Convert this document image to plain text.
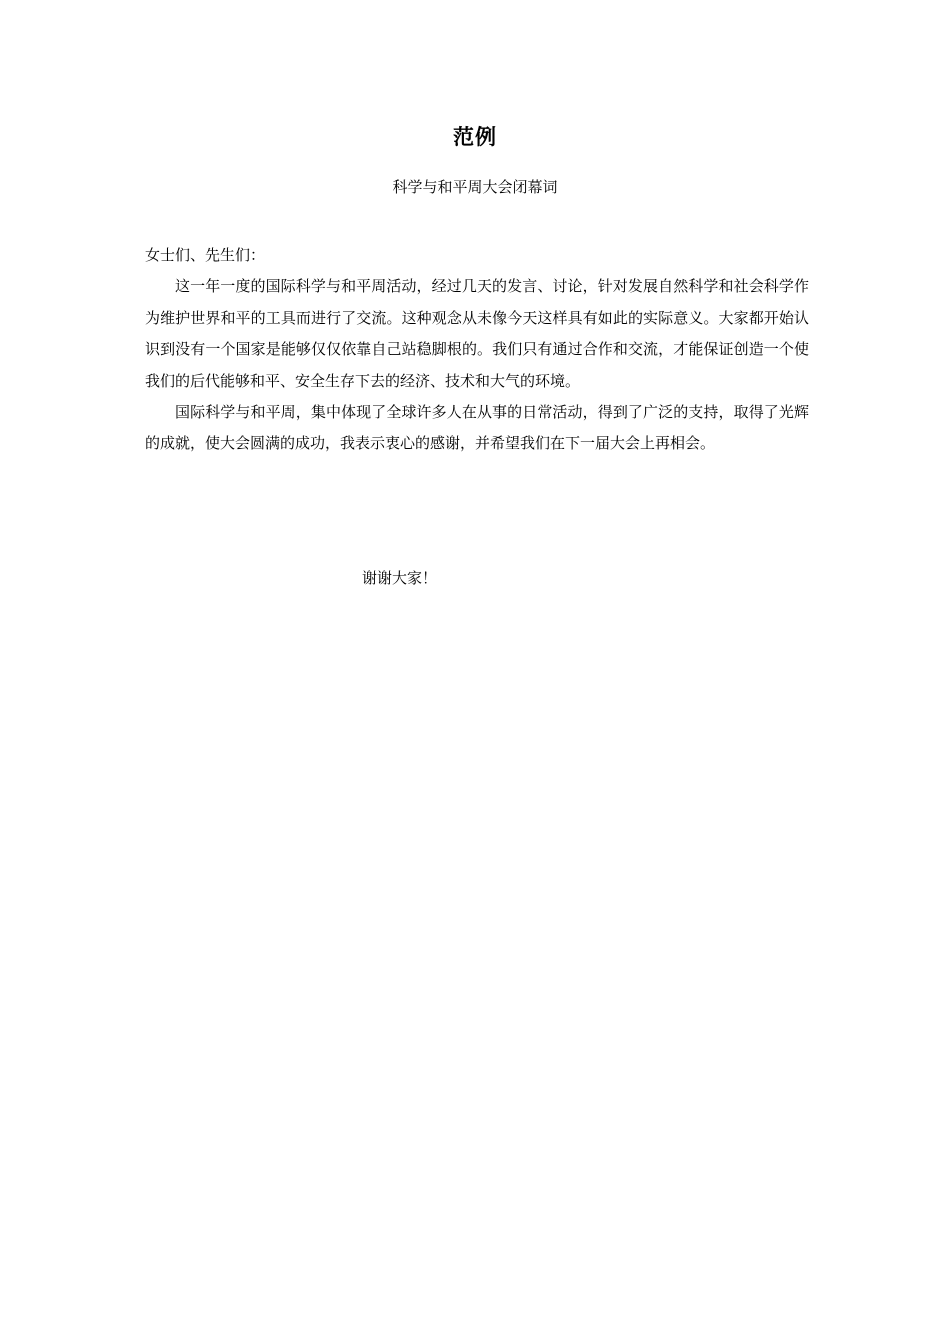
范例
科学与和平周大会闭幕词

女士们、先生们：

这一年一度的国际科学与和平周活动，经过几天的发言、讨论，针对发展自然科学和社会科学作为维护世界和平的工具而进行了交流。这种观念从未像今天这样具有如此的实际意义。大家都开始认识到没有一个国家是能够仅仅依靠自己站稳脚根的。我们只有通过合作和交流，才能保证创造一个使我们的后代能够和平、安全生存下去的经济、技术和大气的环境。

国际科学与和平周，集中体现了全球许多人在从事的日常活动，得到了广泛的支持，取得了光辉的成就，使大会圆满的成功，我表示衷心的感谢，并希望我们在下一届大会上再相会。

谢谢大家！
